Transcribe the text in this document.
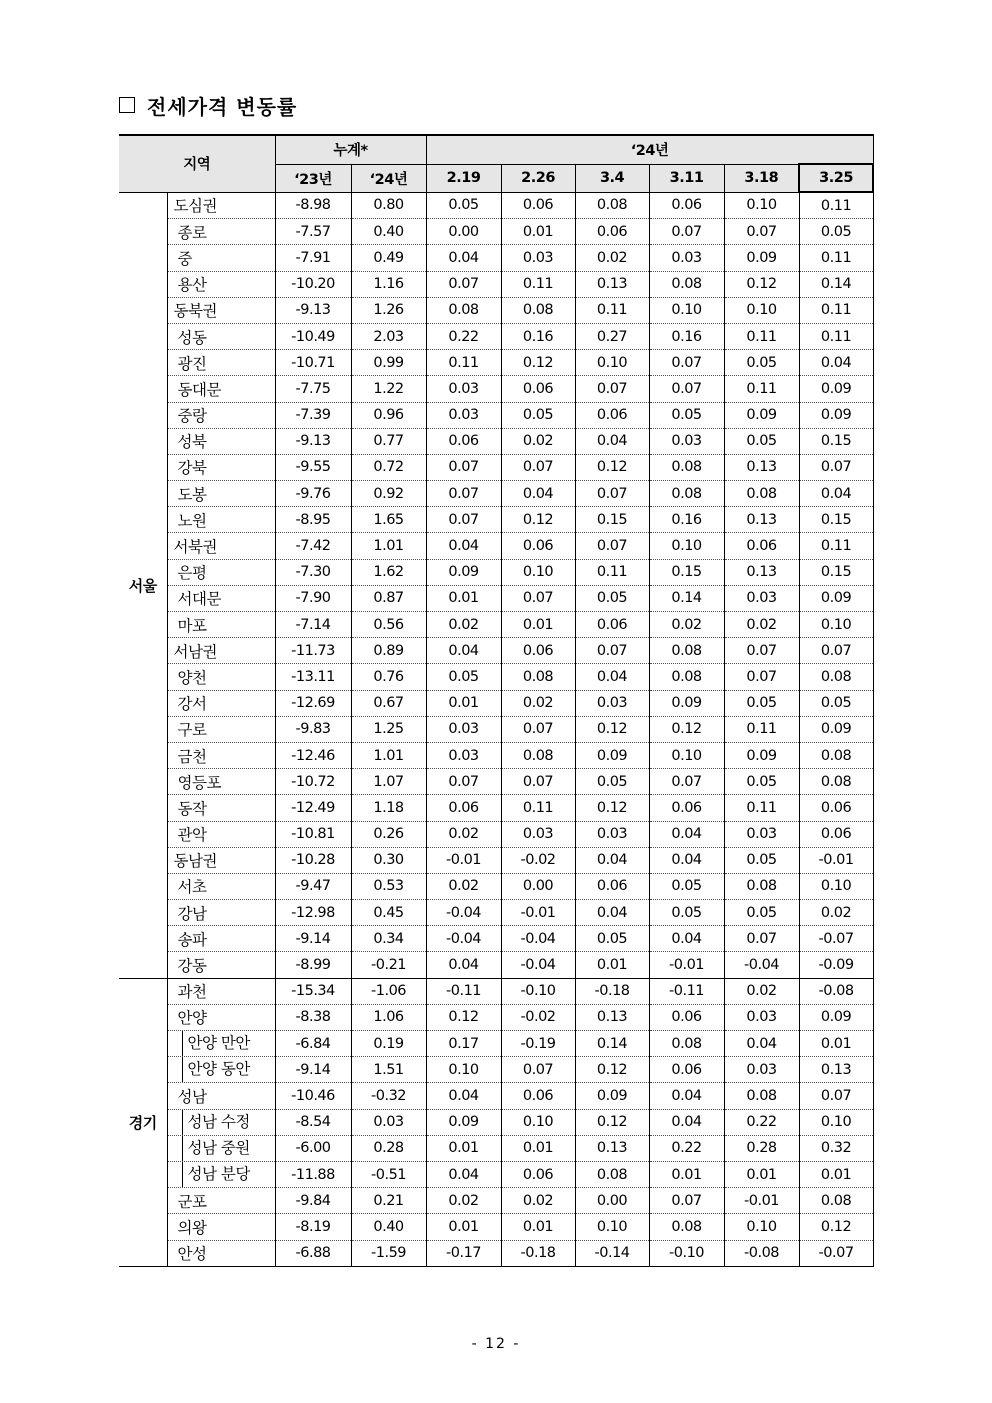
전세가격 변동률
지역		누계*		‘24년					
		‘23년	‘24년	2.19	2.26	3.4	3.11	3.18	3.25
서울	도심권	-8.98	0.80	0.05	0.06	0.08	0.06	0.10	0.11
	종로	-7.57	0.40	0.00	0.01	0.06	0.07	0.07	0.05
	중	-7.91	0.49	0.04	0.03	0.02	0.03	0.09	0.11
	용산	-10.20	1.16	0.07	0.11	0.13	0.08	0.12	0.14
	동북권	-9.13	1.26	0.08	0.08	0.11	0.10	0.10	0.11
	성동	-10.49	2.03	0.22	0.16	0.27	0.16	0.11	0.11
	광진	-10.71	0.99	0.11	0.12	0.10	0.07	0.05	0.04
	동대문	-7.75	1.22	0.03	0.06	0.07	0.07	0.11	0.09
	중랑	-7.39	0.96	0.03	0.05	0.06	0.05	0.09	0.09
	성북	-9.13	0.77	0.06	0.02	0.04	0.03	0.05	0.15
	강북	-9.55	0.72	0.07	0.07	0.12	0.08	0.13	0.07
	도봉	-9.76	0.92	0.07	0.04	0.07	0.08	0.08	0.04
	노원	-8.95	1.65	0.07	0.12	0.15	0.16	0.13	0.15
	서북권	-7.42	1.01	0.04	0.06	0.07	0.10	0.06	0.11
	은평	-7.30	1.62	0.09	0.10	0.11	0.15	0.13	0.15
	서대문	-7.90	0.87	0.01	0.07	0.05	0.14	0.03	0.09
	마포	-7.14	0.56	0.02	0.01	0.06	0.02	0.02	0.10
	서남권	-11.73	0.89	0.04	0.06	0.07	0.08	0.07	0.07
	양천	-13.11	0.76	0.05	0.08	0.04	0.08	0.07	0.08
	강서	-12.69	0.67	0.01	0.02	0.03	0.09	0.05	0.05
	구로	-9.83	1.25	0.03	0.07	0.12	0.12	0.11	0.09
	금천	-12.46	1.01	0.03	0.08	0.09	0.10	0.09	0.08
	영등포	-10.72	1.07	0.07	0.07	0.05	0.07	0.05	0.08
	동작	-12.49	1.18	0.06	0.11	0.12	0.06	0.11	0.06
	관악	-10.81	0.26	0.02	0.03	0.03	0.04	0.03	0.06
	동남권	-10.28	0.30	-0.01	-0.02	0.04	0.04	0.05	-0.01
	서초	-9.47	0.53	0.02	0.00	0.06	0.05	0.08	0.10
	강남	-12.98	0.45	-0.04	-0.01	0.04	0.05	0.05	0.02
	송파	-9.14	0.34	-0.04	-0.04	0.05	0.04	0.07	-0.07
	강동	-8.99	-0.21	0.04	-0.04	0.01	-0.01	-0.04	-0.09
경기	과천	-15.34	-1.06	-0.11	-0.10	-0.18	-0.11	0.02	-0.08
	안양	-8.38	1.06	0.12	-0.02	0.13	0.06	0.03	0.09
	안양 만안	-6.84	0.19	0.17	-0.19	0.14	0.08	0.04	0.01
	안양 동안	-9.14	1.51	0.10	0.07	0.12	0.06	0.03	0.13
	성남	-10.46	-0.32	0.04	0.06	0.09	0.04	0.08	0.07
	성남 수정	-8.54	0.03	0.09	0.10	0.12	0.04	0.22	0.10
	성남 중원	-6.00	0.28	0.01	0.01	0.13	0.22	0.28	0.32
	성남 분당	-11.88	-0.51	0.04	0.06	0.08	0.01	0.01	0.01
	군포	-9.84	0.21	0.02	0.02	0.00	0.07	-0.01	0.08
	의왕	-8.19	0.40	0.01	0.01	0.10	0.08	0.10	0.12
	안성	-6.88	-1.59	-0.17	-0.18	-0.14	-0.10	-0.08	-0.07
- 12 -
